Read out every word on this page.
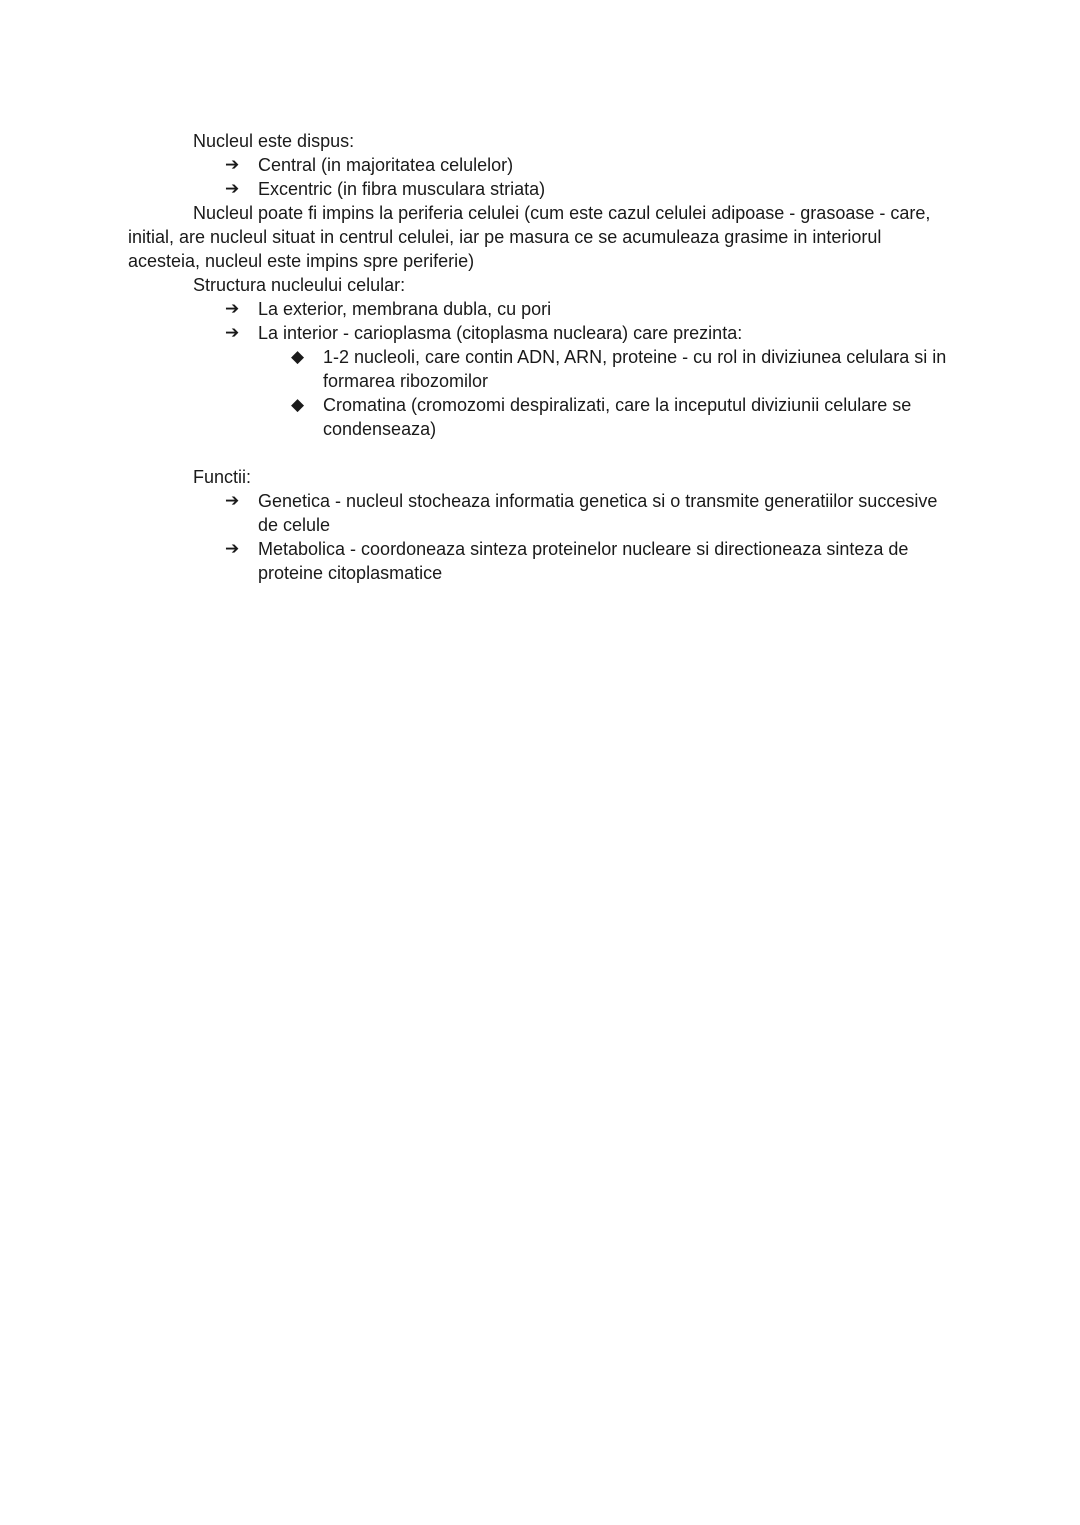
Nucleul este dispus:

➔	Central (in majoritatea celulelor)
➔	Excentric (in fibra musculara striata)

Nucleul poate fi impins la periferia celulei (cum este cazul celulei adipoase - grasoase - care, initial, are nucleul situat in centrul celulei, iar pe masura ce se acumuleaza grasime in interiorul acesteia, nucleul este impins spre periferie)

Structura nucleului celular:

➔	La exterior, membrana dubla, cu pori
➔	La interior - carioplasma (citoplasma nucleara) care prezinta:
◆	1-2 nucleoli, care contin ADN, ARN, proteine - cu rol in diviziunea celulara si in formarea ribozomilor
◆	Cromatina (cromozomi despiralizati, care la inceputul diviziunii celulare se condenseaza)

Functii:

➔	Genetica - nucleul stocheaza informatia genetica si o transmite generatiilor succesive de celule
➔	Metabolica - coordoneaza sinteza proteinelor nucleare si directioneaza sinteza de proteine citoplasmatice
